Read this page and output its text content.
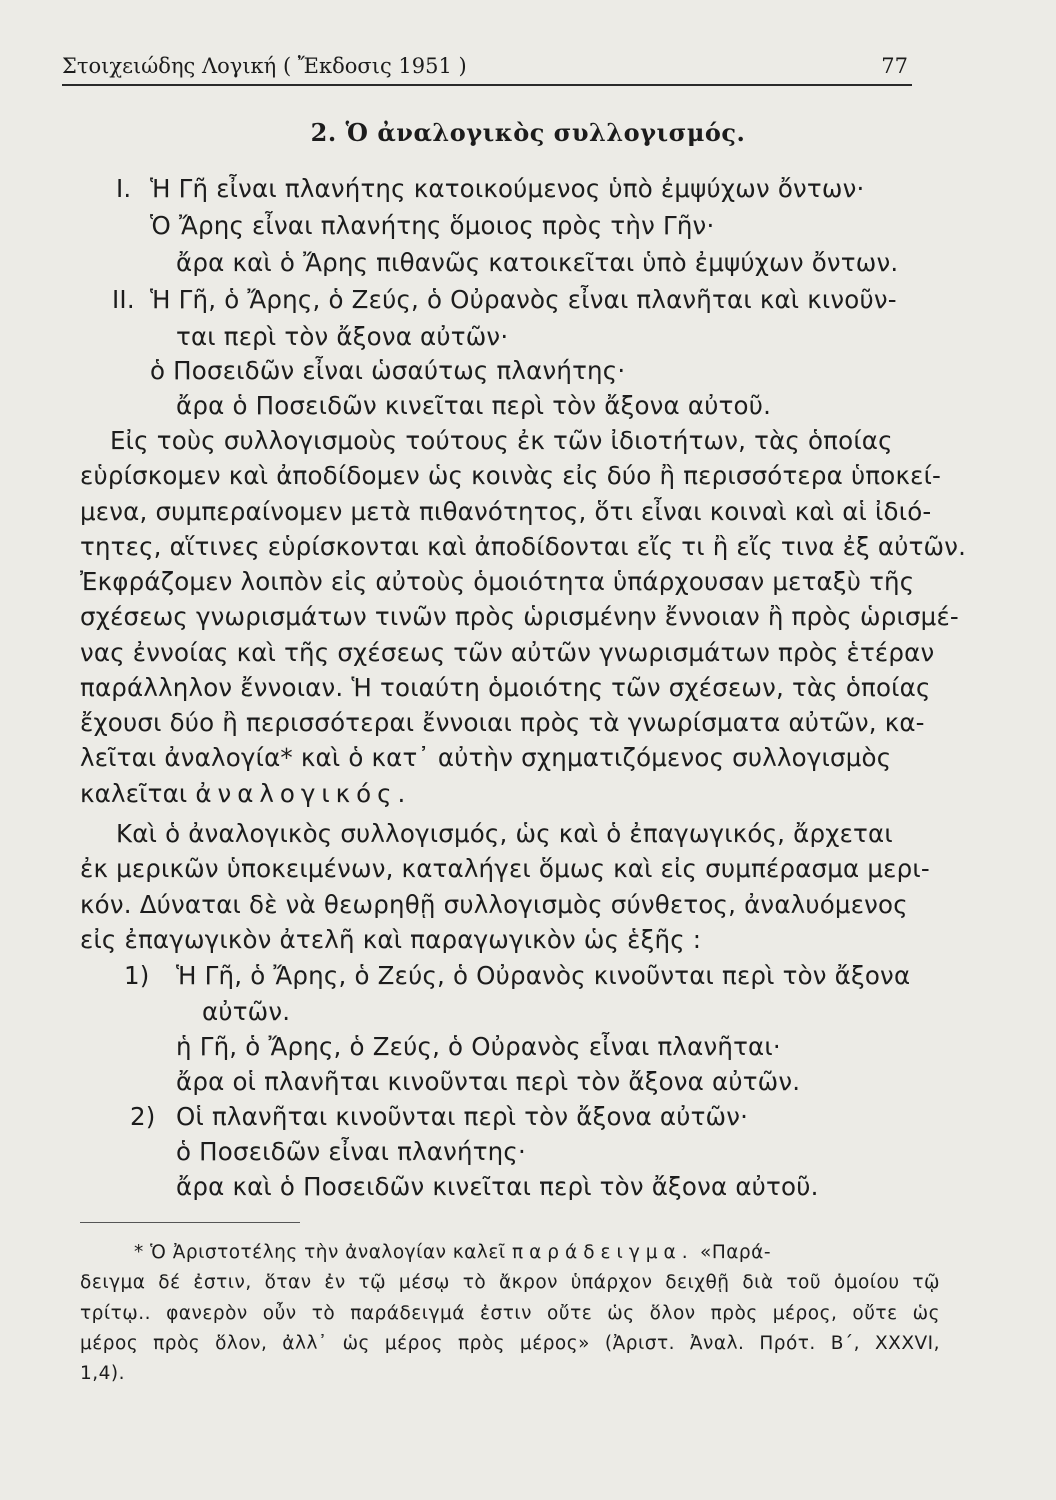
Στοιχειώδης Λογική ( Ἔκδοσις 1951 )	77
2. Ὁ ἀναλογικὸς συλλογισμός.
I. Ἡ Γῆ εἶναι πλανήτης κατοικούμενος ὑπὸ ἐμψύχων ὄντων·
Ὁ Ἄρης εἶναι πλανήτης ὅμοιος πρὸς τὴν Γῆν·
ἄρα καὶ ὁ Ἄρης πιθανῶς κατοικεῖται ὑπὸ ἐμψύχων ὄντων.
II. Ἡ Γῆ, ὁ Ἄρης, ὁ Ζεύς, ὁ Οὐρανὸς εἶναι πλανῆται καὶ κινοῦν-
ται περὶ τὸν ἄξονα αὐτῶν·
ὁ Ποσειδῶν εἶναι ὡσαύτως πλανήτης·
ἄρα ὁ Ποσειδῶν κινεῖται περὶ τὸν ἄξονα αὐτοῦ.
Εἰς τοὺς συλλογισμοὺς τούτους ἐκ τῶν ἰδιοτήτων, τὰς ὁποίας
εὑρίσκομεν καὶ ἀποδίδομεν ὡς κοινὰς εἰς δύο ἢ περισσότερα ὑποκεί-
μενα, συμπεραίνομεν μετὰ πιθανότητος, ὅτι εἶναι κοιναὶ καὶ αἱ ἰδιό-
τητες, αἵτινες εὑρίσκονται καὶ ἀποδίδονται εἴς τι ἢ εἴς τινα ἐξ αὐτῶν.
Ἐκφράζομεν λοιπὸν εἰς αὐτοὺς ὁμοιότητα ὑπάρχουσαν μεταξὺ τῆς
σχέσεως γνωρισμάτων τινῶν πρὸς ὡρισμένην ἔννοιαν ἢ πρὸς ὡρισμέ-
νας ἐννοίας καὶ τῆς σχέσεως τῶν αὐτῶν γνωρισμάτων πρὸς ἑτέραν
παράλληλον ἔννοιαν. Ἡ τοιαύτη ὁμοιότης τῶν σχέσεων, τὰς ὁποίας
ἔχουσι δύο ἢ περισσότεραι ἔννοιαι πρὸς τὰ γνωρίσματα αὐτῶν, κα-
λεῖται ἀναλογία* καὶ ὁ κατ᾽ αὐτὴν σχηματιζόμενος συλλογισμὸς
καλεῖται ἀναλογικός.
Καὶ ὁ ἀναλογικὸς συλλογισμός, ὡς καὶ ὁ ἐπαγωγικός, ἄρχεται
ἐκ μερικῶν ὑποκειμένων, καταλήγει ὅμως καὶ εἰς συμπέρασμα μερι-
κόν. Δύναται δὲ νὰ θεωρηθῇ συλλογισμὸς σύνθετος, ἀναλυόμενος
εἰς ἐπαγωγικὸν ἀτελῆ καὶ παραγωγικὸν ὡς ἑξῆς :
1) Ἡ Γῆ, ὁ Ἄρης, ὁ Ζεύς, ὁ Οὐρανὸς κινοῦνται περὶ τὸν ἄξονα
αὐτῶν.
ἡ Γῆ, ὁ Ἄρης, ὁ Ζεύς, ὁ Οὐρανὸς εἶναι πλανῆται·
ἄρα οἱ πλανῆται κινοῦνται περὶ τὸν ἄξονα αὐτῶν.
2) Οἱ πλανῆται κινοῦνται περὶ τὸν ἄξονα αὐτῶν·
ὁ Ποσειδῶν εἶναι πλανήτης·
ἄρα καὶ ὁ Ποσειδῶν κινεῖται περὶ τὸν ἄξονα αὐτοῦ.
* Ὁ Ἀριστοτέλης τὴν ἀναλογίαν καλεῖ παράδειγμα. «Παρά-
δειγμα δέ ἐστιν, ὅταν ἐν τῷ μέσῳ τὸ ἄκρον ὑπάρχον δειχθῇ διὰ τοῦ ὁμοίου τῷ
τρίτῳ.. φανερὸν οὖν τὸ παράδειγμά ἐστιν οὔτε ὡς ὅλον πρὸς μέρος, οὔτε ὡς
μέρος πρὸς ὅλον, ἀλλ᾽ ὡς μέρος πρὸς μέρος» (Ἀριστ. Ἀναλ. Πρότ. Β΄, XXXVI,
1,4).
